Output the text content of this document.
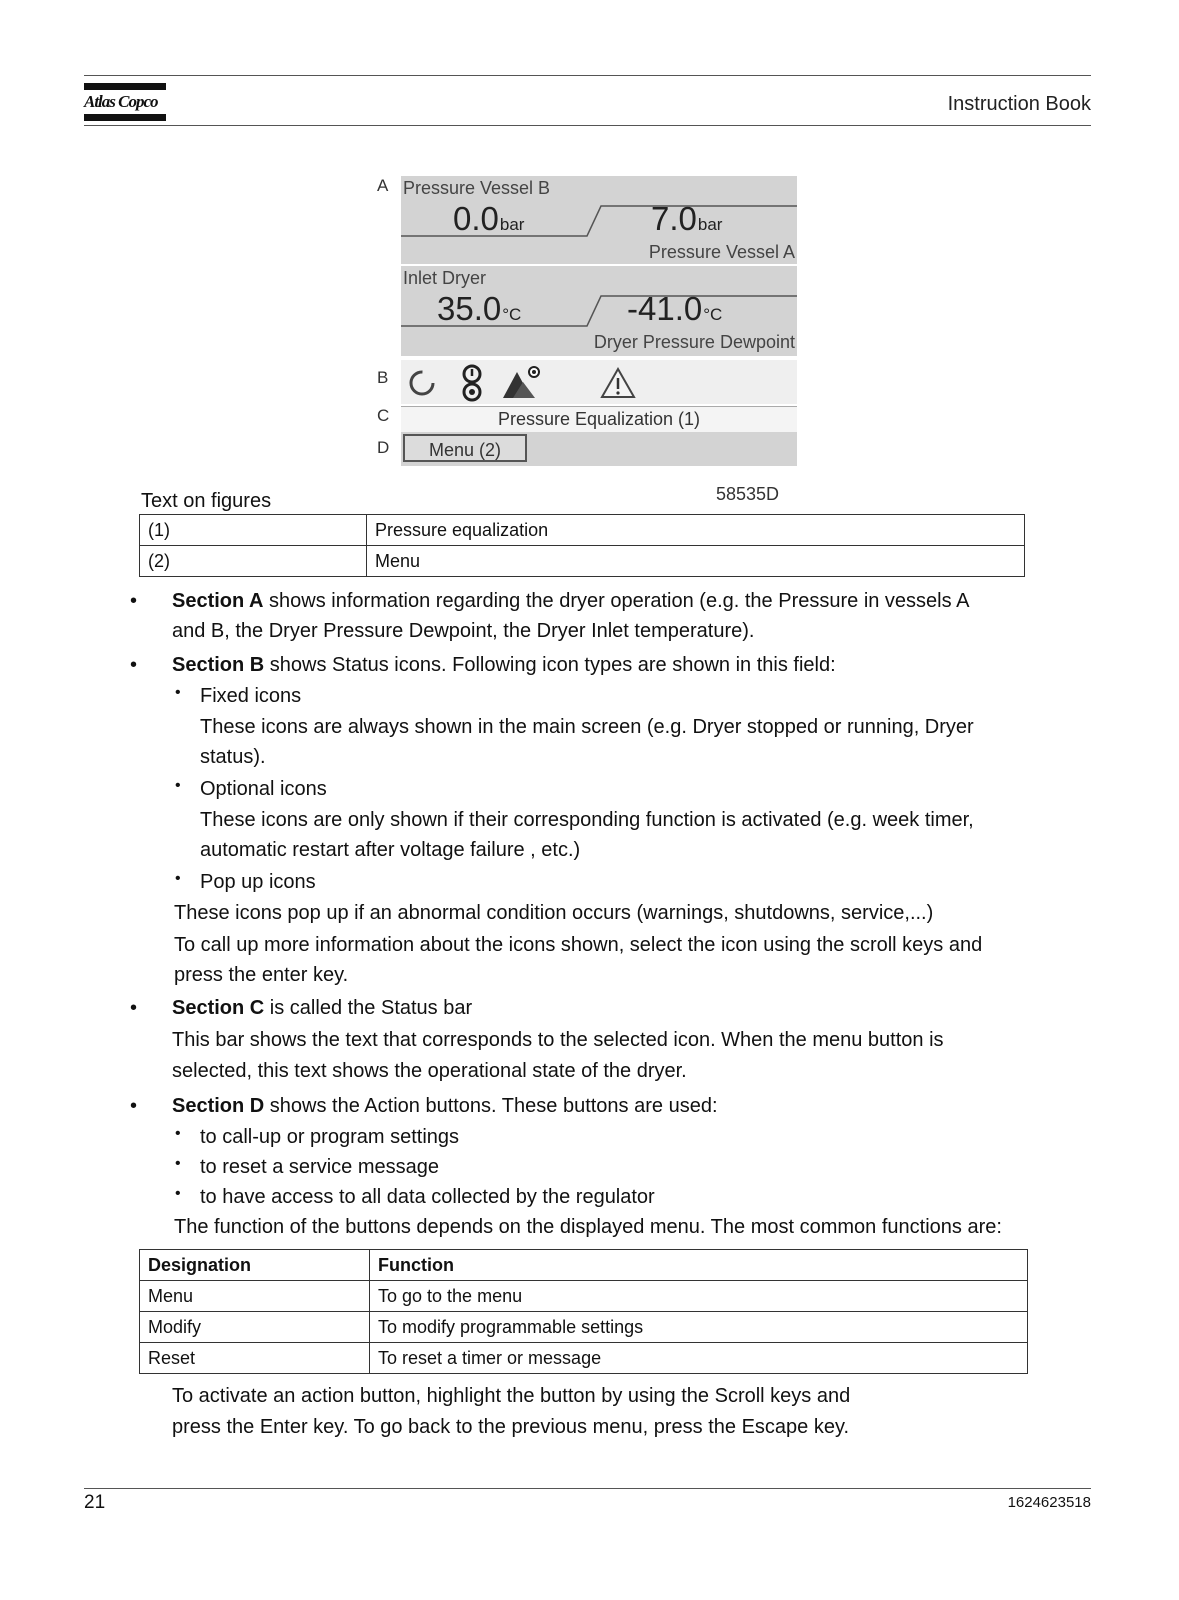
Atlas Copco	Instruction Book
A Pressure Vessel B
0.0bar	7.0bar
Pressure Vessel A
Inlet Dryer
35.0°C	-41.0°C
Dryer Pressure Dewpoint
B
C	Pressure Equalization (1)
D	Menu (2)
58535D
Text on figures
(1)	Pressure equalization
(2)	Menu
• Section A shows information regarding the dryer operation (e.g. the Pressure in vessels A
and B, the Dryer Pressure Dewpoint, the Dryer Inlet temperature).
• Section B shows Status icons. Following icon types are shown in this field:
• Fixed icons
These icons are always shown in the main screen (e.g. Dryer stopped or running, Dryer
status).
• Optional icons
These icons are only shown if their corresponding function is activated (e.g. week timer,
automatic restart after voltage failure , etc.)
• Pop up icons
These icons pop up if an abnormal condition occurs (warnings, shutdowns, service,...)
To call up more information about the icons shown, select the icon using the scroll keys and
press the enter key.
• Section C is called the Status bar
This bar shows the text that corresponds to the selected icon. When the menu button is
selected, this text shows the operational state of the dryer.
• Section D shows the Action buttons. These buttons are used:
• to call-up or program settings
• to reset a service message
• to have access to all data collected by the regulator
The function of the buttons depends on the displayed menu. The most common functions are:
Designation	Function
Menu	To go to the menu
Modify	To modify programmable settings
Reset	To reset a timer or message
To activate an action button, highlight the button by using the Scroll keys and
press the Enter key. To go back to the previous menu, press the Escape key.
21	1624623518
